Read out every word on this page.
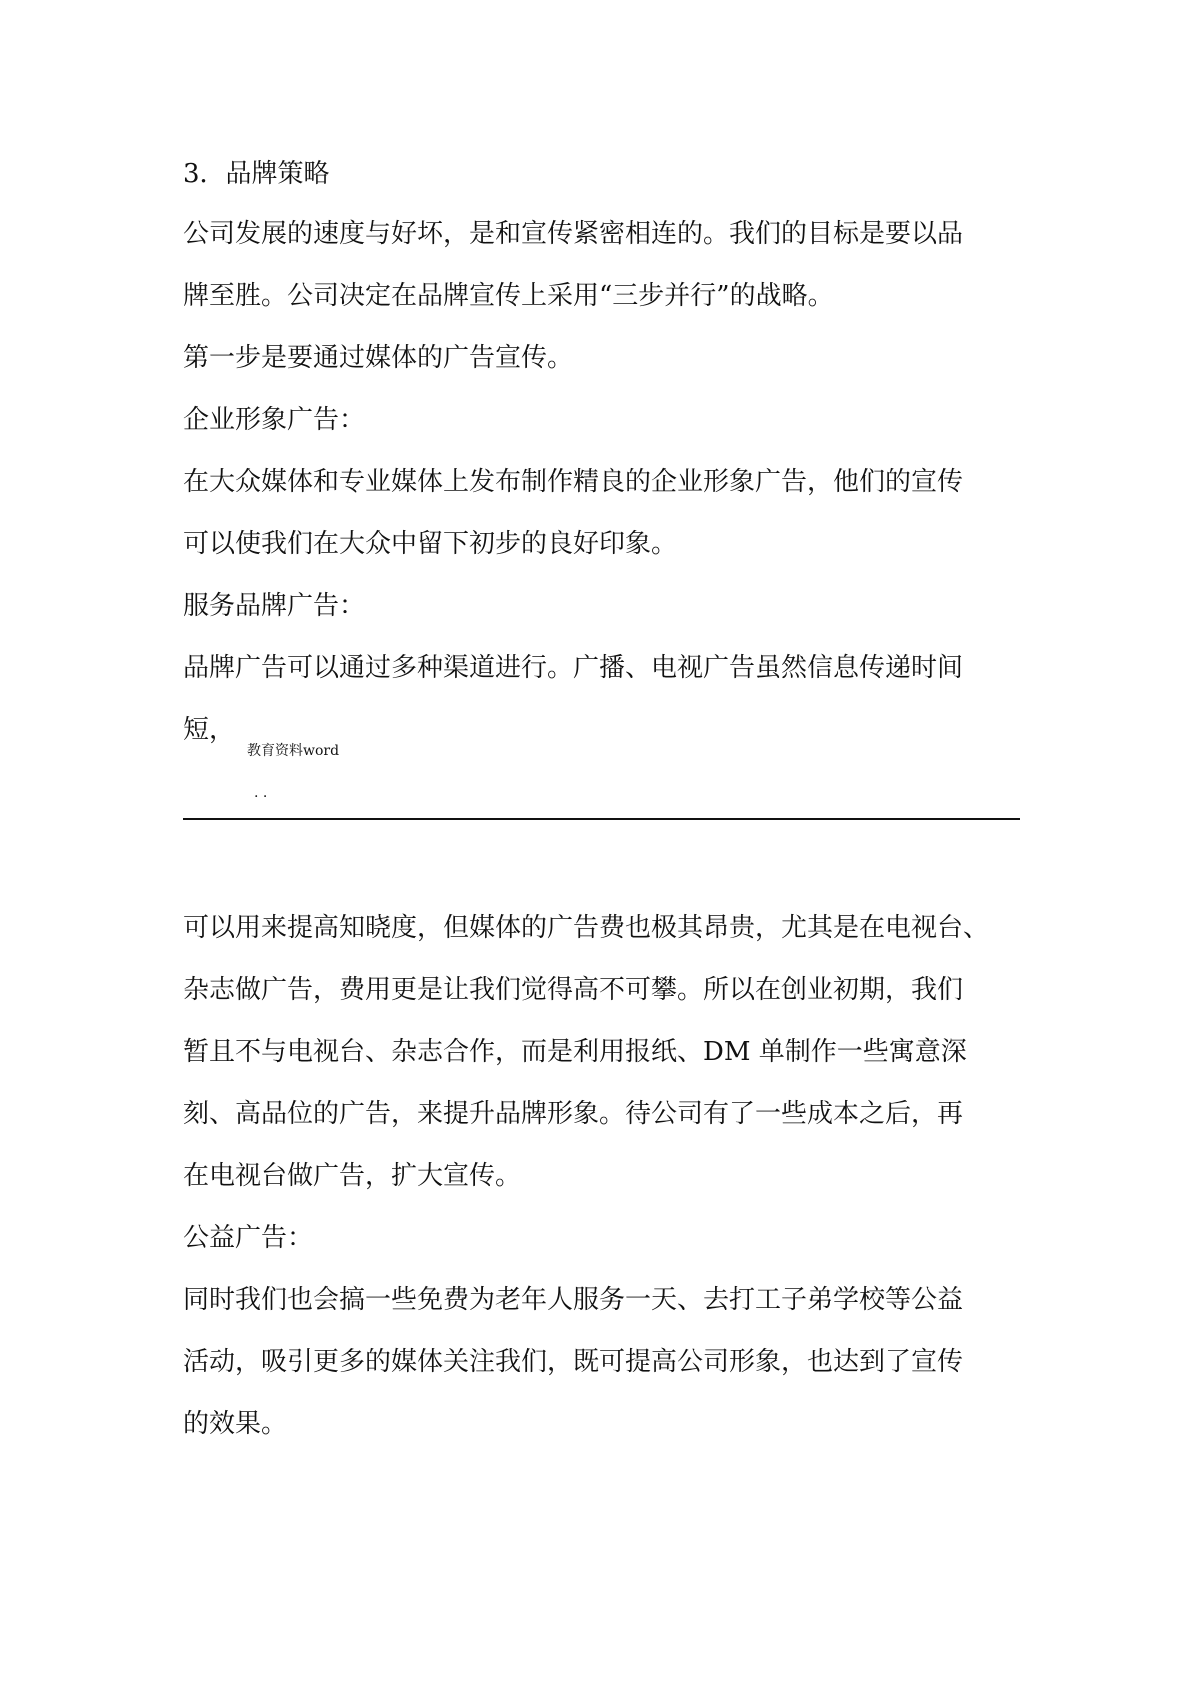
3．品牌策略

公司发展的速度与好坏，是和宣传紧密相连的。我们的目标是要以品

牌至胜。公司决定在品牌宣传上采用“三步并行”的战略。

第一步是要通过媒体的广告宣传。

企业形象广告：

在大众媒体和专业媒体上发布制作精良的企业形象广告，他们的宣传

可以使我们在大众中留下初步的良好印象。

服务品牌广告：

品牌广告可以通过多种渠道进行。广播、电视广告虽然信息传递时间

短，

教育资料word
. .

可以用来提高知晓度，但媒体的广告费也极其昂贵，尤其是在电视台、

杂志做广告，费用更是让我们觉得高不可攀。所以在创业初期，我们

暂且不与电视台、杂志合作，而是利用报纸、DM 单制作一些寓意深

刻、高品位的广告，来提升品牌形象。待公司有了一些成本之后，再

在电视台做广告，扩大宣传。

公益广告：

同时我们也会搞一些免费为老年人服务一天、去打工子弟学校等公益

活动，吸引更多的媒体关注我们，既可提高公司形象，也达到了宣传

的效果。
